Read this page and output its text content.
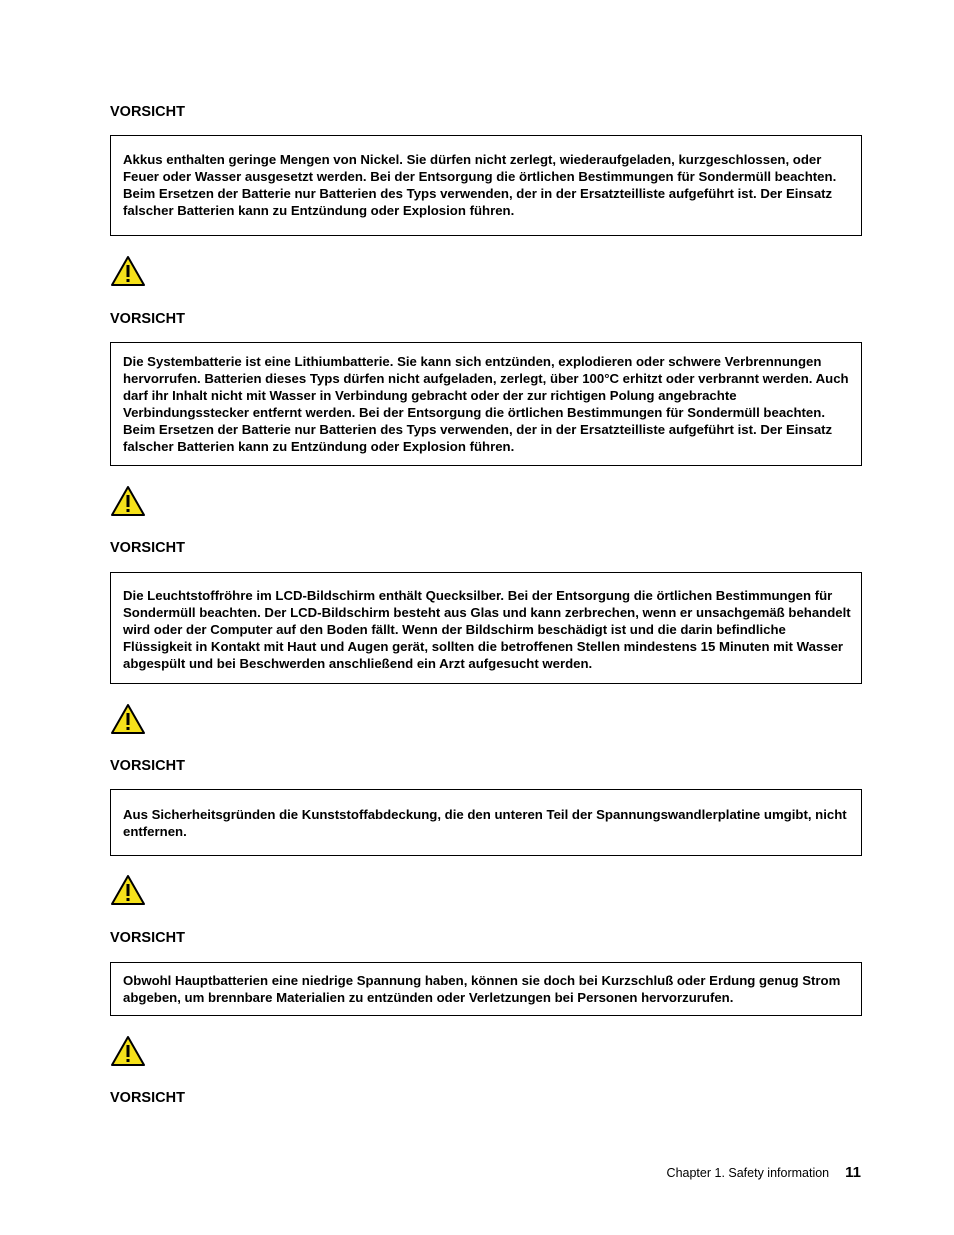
VORSICHT

Akkus enthalten geringe Mengen von Nickel. Sie dürfen nicht zerlegt, wiederaufgeladen, kurzgeschlossen, oder Feuer oder Wasser ausgesetzt werden. Bei der Entsorgung die örtlichen Bestimmungen für Sondermüll beachten. Beim Ersetzen der Batterie nur Batterien des Typs verwenden, der in der Ersatzteilliste aufgeführt ist. Der Einsatz falscher Batterien kann zu Entzündung oder Explosion führen.

VORSICHT

Die Systembatterie ist eine Lithiumbatterie. Sie kann sich entzünden, explodieren oder schwere Verbrennungen hervorrufen. Batterien dieses Typs dürfen nicht aufgeladen, zerlegt, über 100°C erhitzt oder verbrannt werden. Auch darf ihr Inhalt nicht mit Wasser in Verbindung gebracht oder der zur richtigen Polung angebrachte Verbindungsstecker entfernt werden. Bei der Entsorgung die örtlichen Bestimmungen für Sondermüll beachten. Beim Ersetzen der Batterie nur Batterien des Typs verwenden, der in der Ersatzteilliste aufgeführt ist. Der Einsatz falscher Batterien kann zu Entzündung oder Explosion führen.

VORSICHT

Die Leuchtstoffröhre im LCD-Bildschirm enthält Quecksilber. Bei der Entsorgung die örtlichen Bestimmungen für Sondermüll beachten. Der LCD-Bildschirm besteht aus Glas und kann zerbrechen, wenn er unsachgemäß behandelt wird oder der Computer auf den Boden fällt. Wenn der Bildschirm beschädigt ist und die darin befindliche Flüssigkeit in Kontakt mit Haut und Augen gerät, sollten die betroffenen Stellen mindestens 15 Minuten mit Wasser abgespült und bei Beschwerden anschließend ein Arzt aufgesucht werden.

VORSICHT

Aus Sicherheitsgründen die Kunststoffabdeckung, die den unteren Teil der Spannungswandlerplatine umgibt, nicht entfernen.

VORSICHT

Obwohl Hauptbatterien eine niedrige Spannung haben, können sie doch bei Kurzschluß oder Erdung genug Strom abgeben, um brennbare Materialien zu entzünden oder Verletzungen bei Personen hervorzurufen.

VORSICHT
Chapter 1. Safety information 11
